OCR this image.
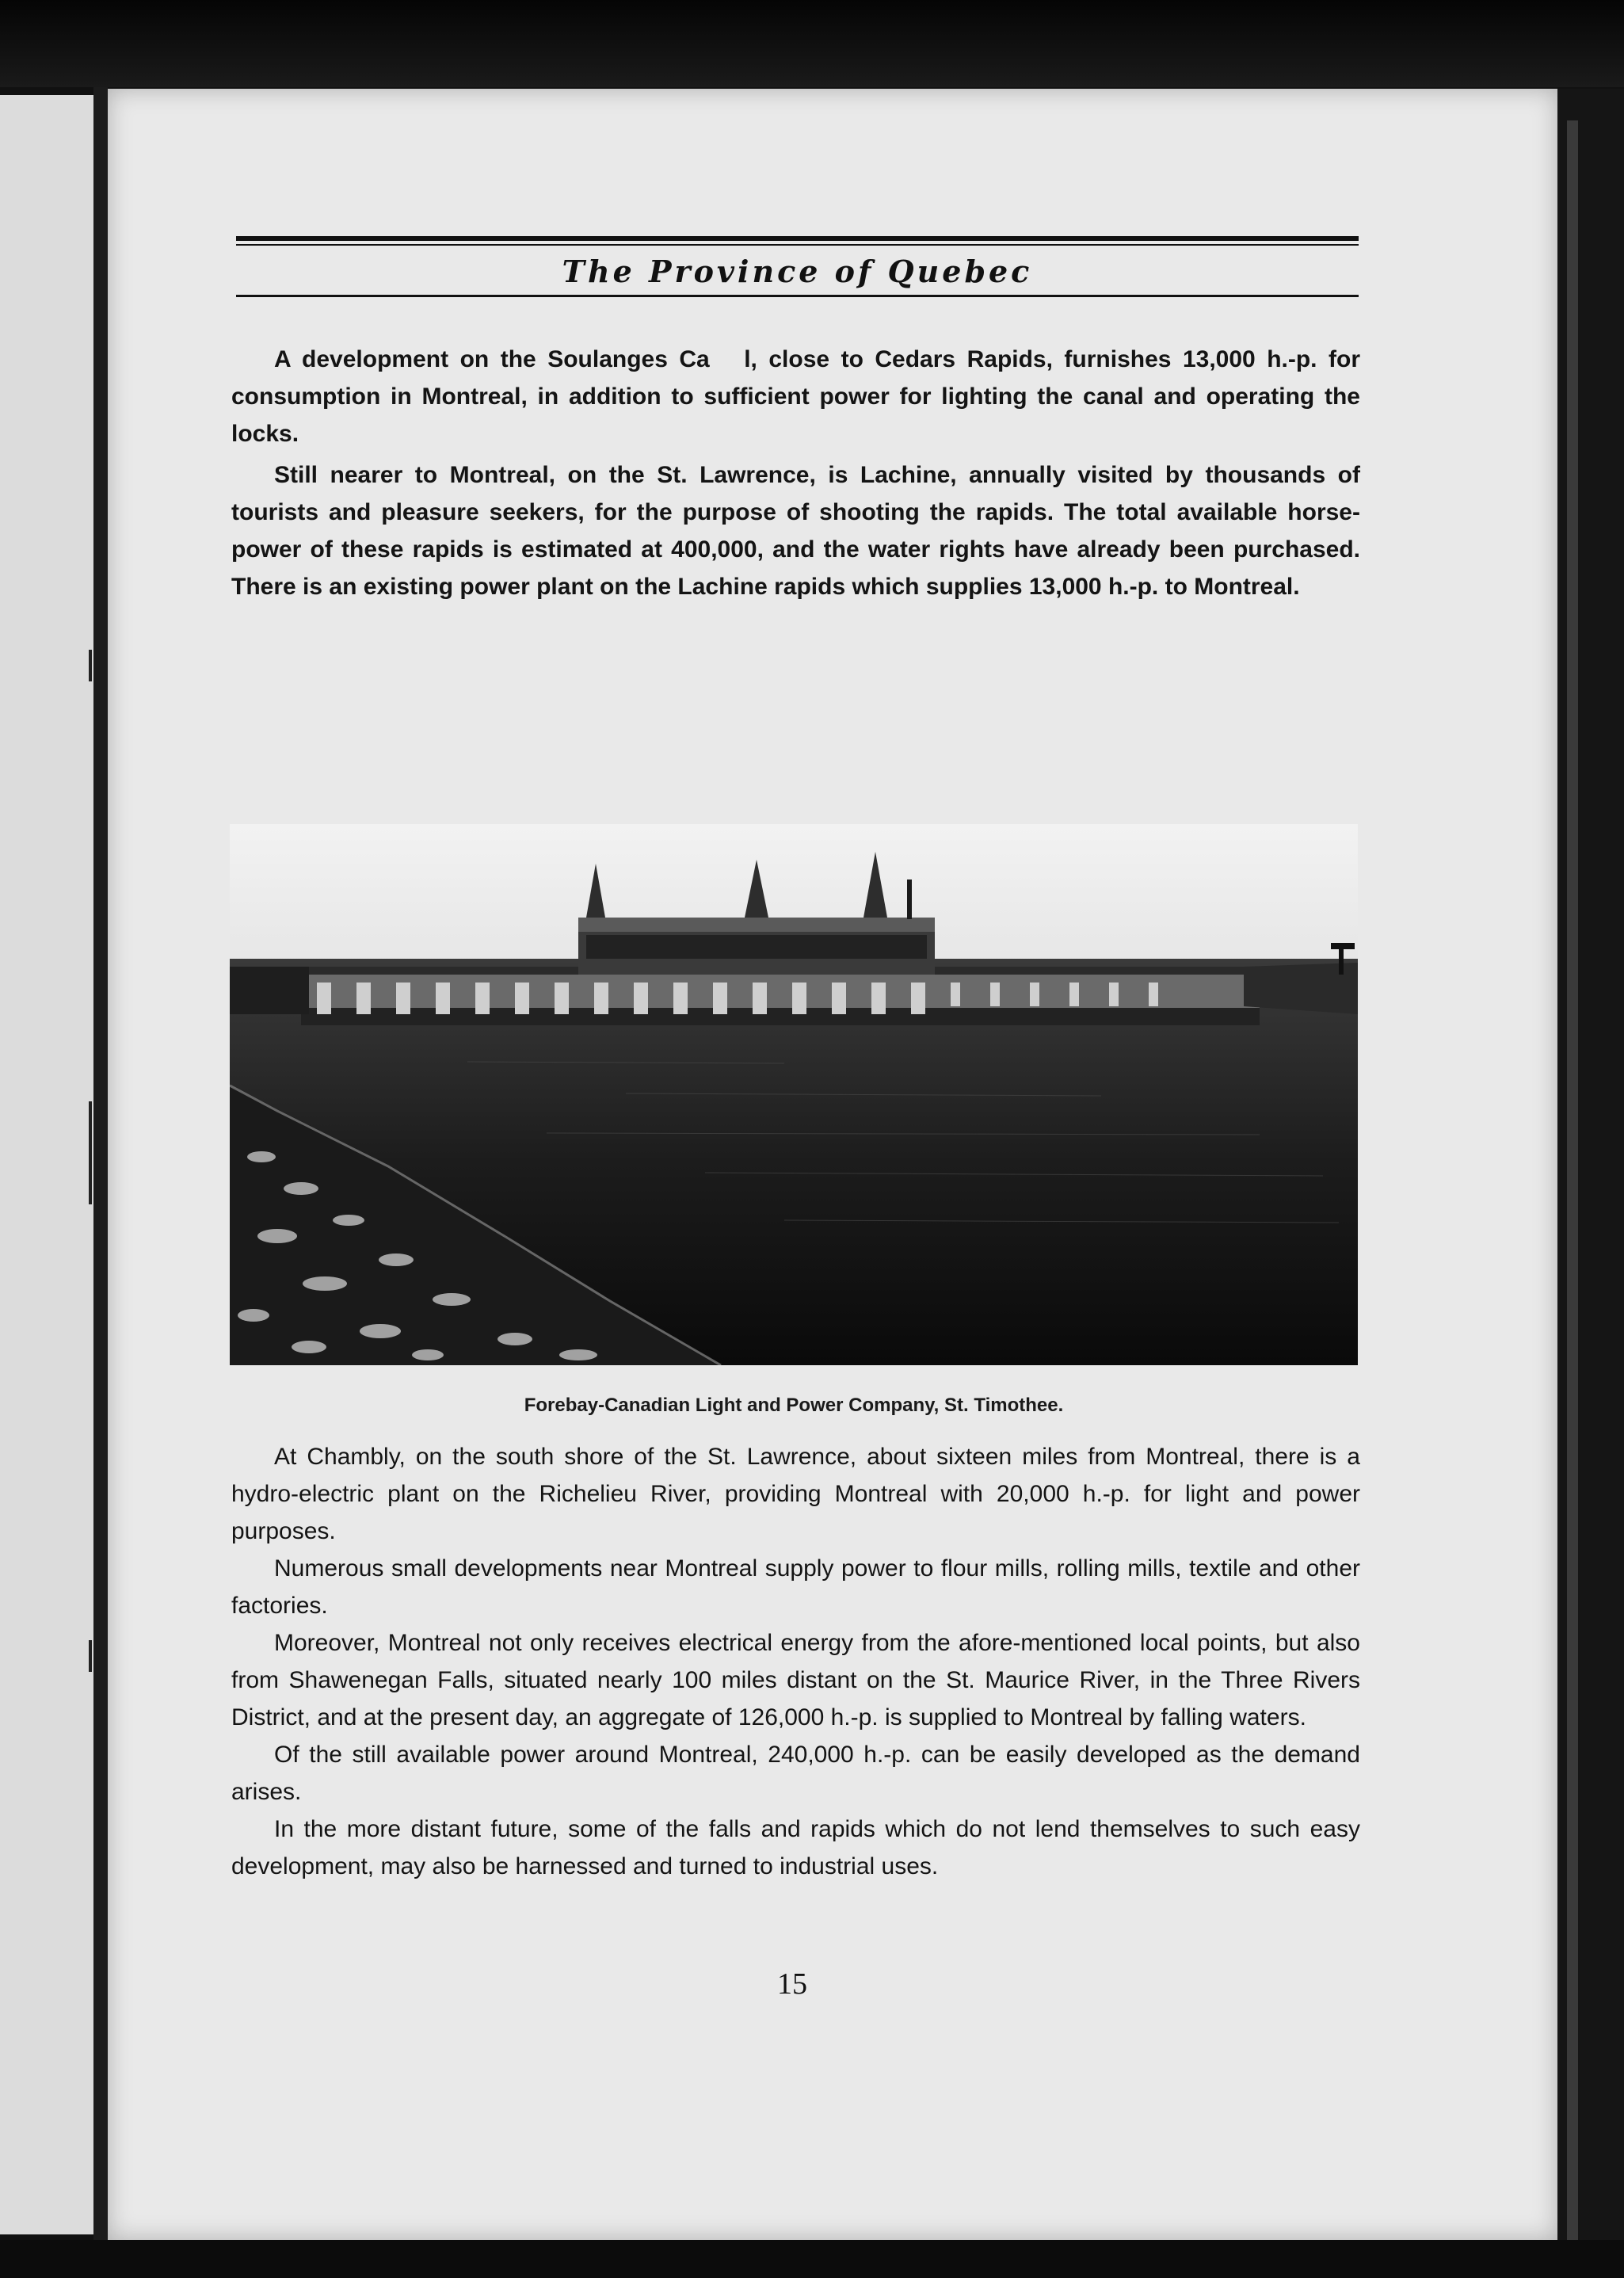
The Province of Quebec

A development on the Soulanges Ca   l, close to Cedars Rapids, furnishes 13,000 h.-p. for consumption in Montreal, in addition to sufficient power for lighting the canal and operating the locks.

Still nearer to Montreal, on the St. Lawrence, is Lachine, annually visited by thousands of tourists and pleasure seekers, for the purpose of shooting the rapids. The total available horse-power of these rapids is estimated at 400,000, and the water rights have already been purchased. There is an existing power plant on the Lachine rapids which supplies 13,000 h.-p. to Montreal.

Forebay-Canadian Light and Power Company, St. Timothee.

At Chambly, on the south shore of the St. Lawrence, about sixteen miles from Montreal, there is a hydro-electric plant on the Richelieu River, providing Montreal with 20,000 h.-p. for light and power purposes.

Numerous small developments near Montreal supply power to flour mills, rolling mills, textile and other factories.

Moreover, Montreal not only receives electrical energy from the afore-mentioned local points, but also from Shawenegan Falls, situated nearly 100 miles distant on the St. Maurice River, in the Three Rivers District, and at the present day, an aggregate of 126,000 h.-p. is supplied to Montreal by falling waters.

Of the still available power around Montreal, 240,000 h.-p. can be easily developed as the demand arises.

In the more distant future, some of the falls and rapids which do not lend themselves to such easy development, may also be harnessed and turned to industrial uses.

15
